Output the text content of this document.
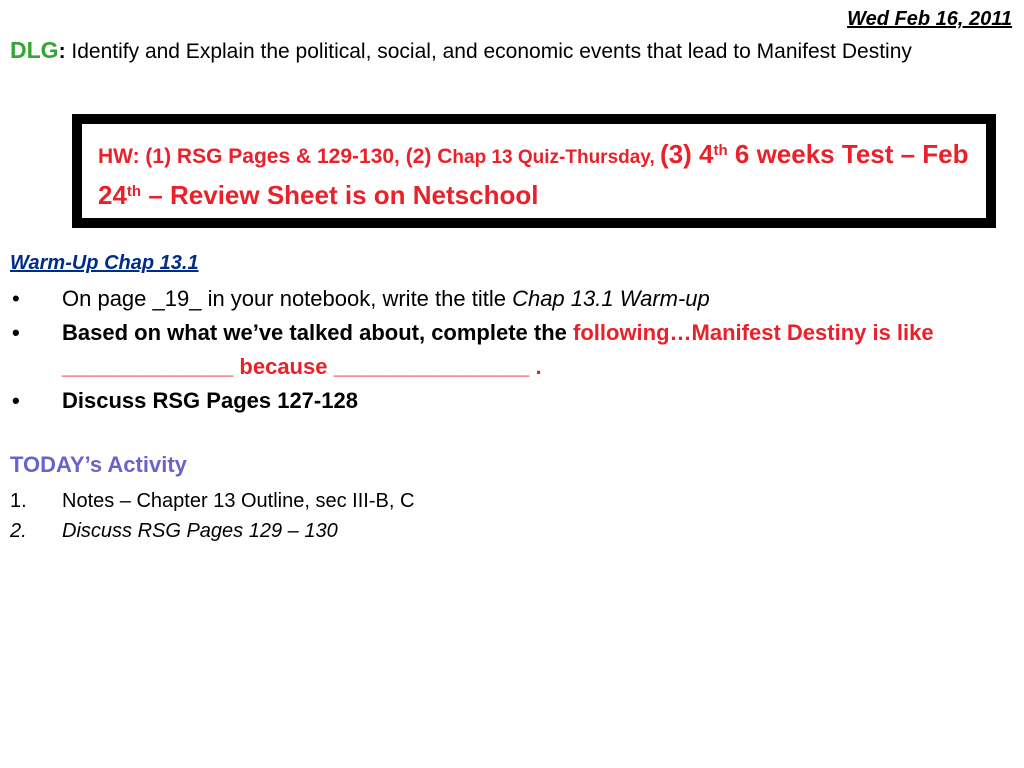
Wed Feb 16, 2011
DLG: Identify and Explain the political, social, and economic events that lead to Manifest Destiny
HW: (1) RSG Pages & 129-130, (2) Chap 13 Quiz-Thursday, (3) 4th 6 weeks Test – Feb 24th – Review Sheet is on Netschool
Warm-Up Chap 13.1
• On page _19_ in your notebook, write the title Chap 13.1 Warm-up
• Based on what we’ve talked about, complete the following…Manifest Destiny is like ______________ because ________________ .
• Discuss RSG Pages 127-128
TODAY’s Activity
1. Notes – Chapter 13 Outline, sec III-B, C
2. Discuss RSG Pages 129 – 130
